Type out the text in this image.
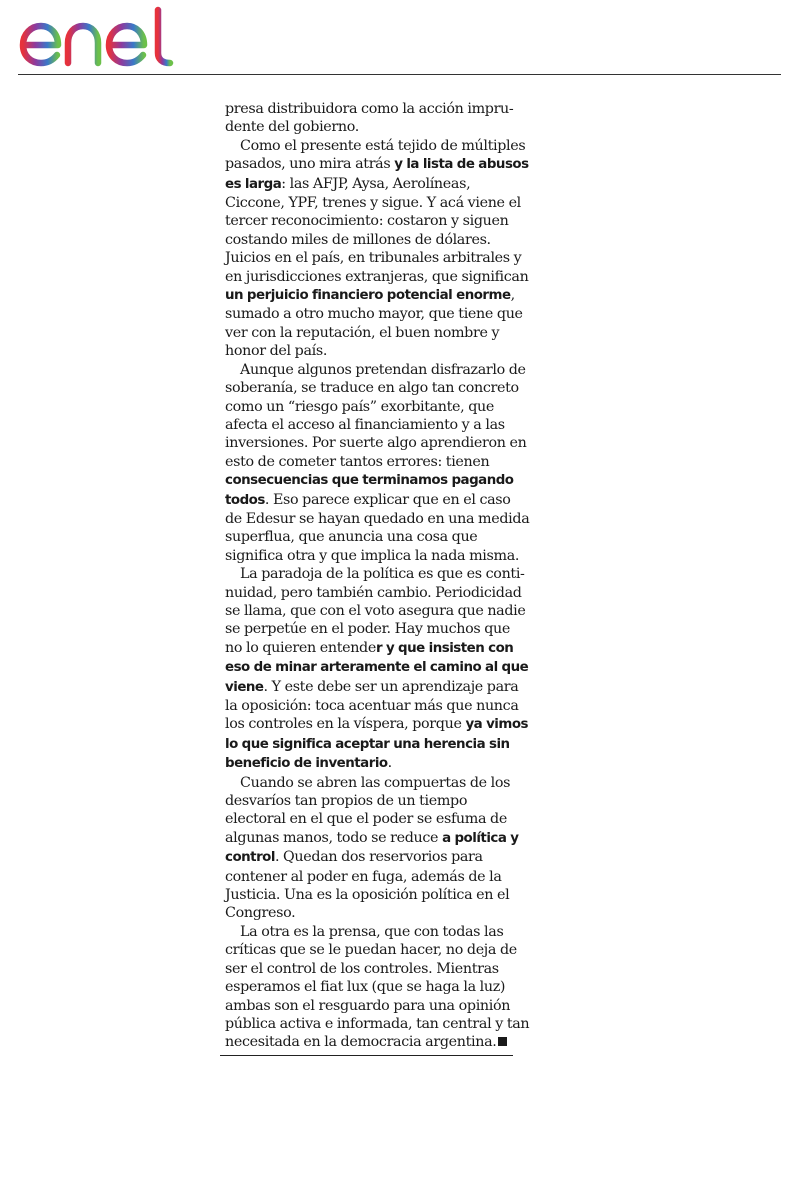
presa distribuidora como la acción imprudente del gobierno.

Como el presente está tejido de múltiples pasados, uno mira atrás y la lista de abusos es larga: las AFJP, Aysa, Aerolíneas, Ciccone, YPF, trenes y sigue. Y acá viene el tercer reconocimiento: costaron y siguen costando miles de millones de dólares. Juicios en el país, en tribunales arbitrales y en jurisdicciones extranjeras, que significan un perjuicio financiero potencial enorme, sumado a otro mucho mayor, que tiene que ver con la reputación, el buen nombre y honor del país.

Aunque algunos pretendan disfrazarlo de soberanía, se traduce en algo tan concreto como un “riesgo país” exorbitante, que afecta el acceso al financiamiento y a las inversiones. Por suerte algo aprendieron en esto de cometer tantos errores: tienen consecuencias que terminamos pagando todos. Eso parece explicar que en el caso de Edesur se hayan quedado en una medida superflua, que anuncia una cosa que significa otra y que implica la nada misma.

La paradoja de la política es que es continuidad, pero también cambio. Periodicidad se llama, que con el voto asegura que nadie se perpetúe en el poder. Hay muchos que no lo quieren entender y que insisten con eso de minar arteramente el camino al que viene. Y este debe ser un aprendizaje para la oposición: toca acentuar más que nunca los controles en la víspera, porque ya vimos lo que significa aceptar una herencia sin beneficio de inventario.

Cuando se abren las compuertas de los desvaríos tan propios de un tiempo electoral en el que el poder se esfuma de algunas manos, todo se reduce a política y control. Quedan dos reservorios para contener al poder en fuga, además de la Justicia. Una es la oposición política en el Congreso.

La otra es la prensa, que con todas las críticas que se le puedan hacer, no deja de ser el control de los controles. Mientras esperamos el fiat lux (que se haga la luz) ambas son el resguardo para una opinión pública activa e informada, tan central y tan necesitada en la democracia argentina.
